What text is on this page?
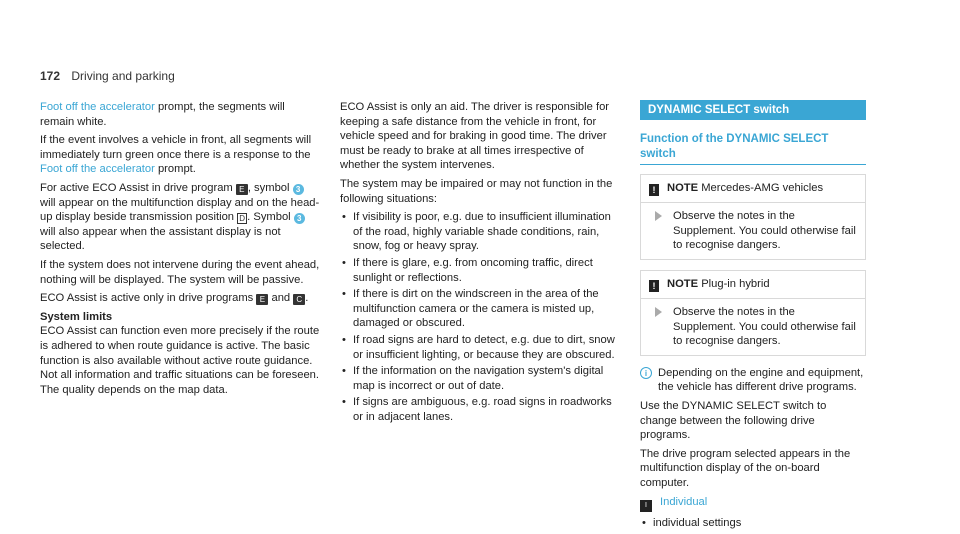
172 Driving and parking

Foot off the accelerator prompt, the segments will remain white.

If the event involves a vehicle in front, all segments will immediately turn green once there is a response to the Foot off the accelerator prompt.

For active ECO Assist in drive program E , symbol 3 will appear on the multifunction display and on the head-up display beside transmission position D . Symbol 3 will also appear when the assistant display is not selected.

If the system does not intervene during the event ahead, nothing will be displayed. The system will be passive.

ECO Assist is active only in drive programs E and C .

System limits

ECO Assist can function even more precisely if the route is adhered to when route guidance is active. The basic function is also available without active route guidance. Not all information and traffic situations can be foreseen. The quality depends on the map data.

ECO Assist is only an aid. The driver is responsible for keeping a safe distance from the vehicle in front, for vehicle speed and for braking in good time. The driver must be ready to brake at all times irrespective of whether the system intervenes.

The system may be impaired or may not function in the following situations:

• If visibility is poor, e.g. due to insufficient illumination of the road, highly variable shade conditions, rain, snow, fog or heavy spray.
• If there is glare, e.g. from oncoming traffic, direct sunlight or reflections.
• If there is dirt on the windscreen in the area of the multifunction camera or the camera is misted up, damaged or obscured.
• If road signs are hard to detect, e.g. due to dirt, snow or insufficient lighting, or because they are obscured.
• If the information on the navigation system's digital map is incorrect or out of date.
• If signs are ambiguous, e.g. road signs in roadworks or in adjacent lanes.
DYNAMIC SELECT switch
Function of the DYNAMIC SELECT switch
! NOTE Mercedes-AMG vehicles
Observe the notes in the Supplement. You could otherwise fail to recognise dangers.
! NOTE Plug-in hybrid
Observe the notes in the Supplement. You could otherwise fail to recognise dangers.

i Depending on the engine and equipment, the vehicle has different drive programs.

Use the DYNAMIC SELECT switch to change between the following drive programs.

The drive program selected appears in the multifunction display of the on-board computer.

I Individual

• individual settings
